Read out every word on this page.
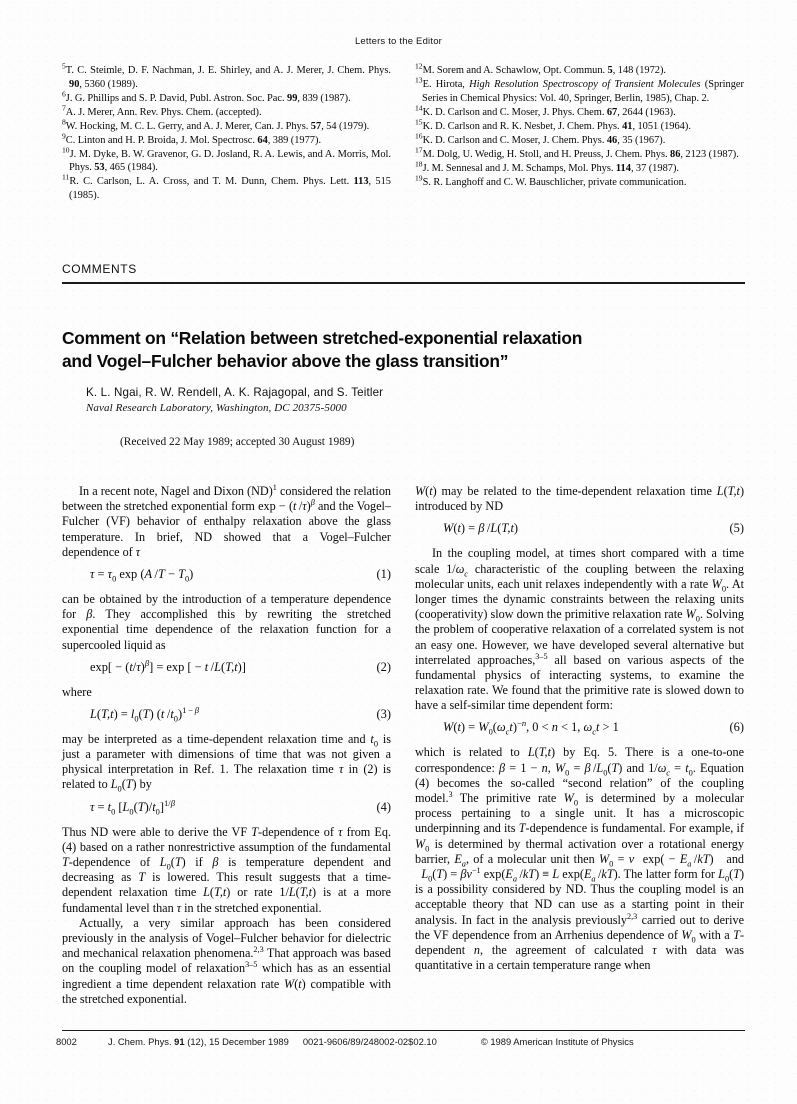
Letters to the Editor
$^5$T. C. Steimle, D. F. Nachman, J. E. Shirley, and A. J. Merer, J. Chem. Phys. 90, 5360 (1989).
$^6$J. G. Phillips and S. P. David, Publ. Astron. Soc. Pac. 99, 839 (1987).
$^7$A. J. Merer, Ann. Rev. Phys. Chem. (accepted).
$^8$W. Hocking, M. C. L. Gerry, and A. J. Merer, Can. J. Phys. 57, 54 (1979).
$^9$C. Linton and H. P. Broida, J. Mol. Spectrosc. 64, 389 (1977).
$^{10}$J. M. Dyke, B. W. Gravenor, G. D. Josland, R. A. Lewis, and A. Morris, Mol. Phys. 53, 465 (1984).
$^{11}$R. C. Carlson, L. A. Cross, and T. M. Dunn, Chem. Phys. Lett. 113, 515 (1985).
$^{12}$M. Sorem and A. Schawlow, Opt. Commun. 5, 148 (1972).
$^{13}$E. Hirota, High Resolution Spectroscopy of Transient Molecules (Springer Series in Chemical Physics: Vol. 40, Springer, Berlin, 1985), Chap. 2.
$^{14}$K. D. Carlson and C. Moser, J. Phys. Chem. 67, 2644 (1963).
$^{15}$K. D. Carlson and R. K. Nesbet, J. Chem. Phys. 41, 1051 (1964).
$^{16}$K. D. Carlson and C. Moser, J. Chem. Phys. 46, 35 (1967).
$^{17}$M. Dolg, U. Wedig, H. Stoll, and H. Preuss, J. Chem. Phys. 86, 2123 (1987).
$^{18}$J. M. Sennesal and J. M. Schamps, Mol. Phys. 114, 37 (1987).
$^{19}$S. R. Langhoff and C. W. Bauschlicher, private communication.
COMMENTS
Comment on “Relation between stretched-exponential relaxation
and Vogel–Fulcher behavior above the glass transition”
K. L. Ngai, R. W. Rendell, A. K. Rajagopal, and S. Teitler
Naval Research Laboratory, Washington, DC 20375-5000
(Received 22 May 1989; accepted 30 August 1989)

In a recent note, Nagel and Dixon (ND)$^1$ considered the relation between the stretched exponential form exp − (t /τ)$^\beta$ and the Vogel–Fulcher (VF) behavior of enthalpy relaxation above the glass temperature. In brief, ND showed that a Vogel–Fulcher dependence of τ

$\tau = \tau_0$ exp (A $/T - T_0$)	(1)

can be obtained by the introduction of a temperature dependence for β. They accomplished this by rewriting the stretched exponential time dependence of the relaxation function for a supercooled liquid as

$\exp[ - (t/\tau)^\beta] = \exp$ [ − t /L(T,t)]	(2)

where

$L(T,t) = l_0(T)$ (t $/t_0)^{1 - \beta}$	(3)

may be interpreted as a time-dependent relaxation time and $t_0$ is just a parameter with dimensions of time that was not given a physical interpretation in Ref. 1. The relaxation time τ in (2) is related to $L_0(T)$ by

$\tau = t_0$ $[L_0(T)/t_0]^{1/\beta}$	(4)

Thus ND were able to derive the VF T-dependence of τ from Eq. (4) based on a rather nonrestrictive assumption of the fundamental T-dependence of $L_0(T)$ if β is temperature dependent and decreasing as T is lowered. This result suggests that a time-dependent relaxation time L(T,t) or rate 1/L(T,t) is at a more fundamental level than τ in the stretched exponential.

Actually, a very similar approach has been considered previously in the analysis of Vogel–Fulcher behavior for dielectric and mechanical relaxation phenomena.$^{2,3}$ That approach was based on the coupling model of relaxation$^{3-5}$ which has as an essential ingredient a time dependent relaxation rate W(t) compatible with the stretched exponential.

W(t) may be related to the time-dependent relaxation time L(T,t) introduced by ND

W(t) = β /L(T,t)	(5)

In the coupling model, at times short compared with a time scale $1/\omega_c$ characteristic of the coupling between the relaxing molecular units, each unit relaxes independently with a rate $W_0$. At longer times the dynamic constraints between the relaxing units (cooperativity) slow down the primitive relaxation rate $W_0$. Solving the problem of cooperative relaxation of a correlated system is not an easy one. However, we have developed several alternative but interrelated approaches,$^{3-5}$ all based on various aspects of the fundamental physics of interacting systems, to examine the relaxation rate. We found that the primitive rate is slowed down to have a self-similar time dependent form:

$W(t) = W_0(\omega_ct)^{-n}$, 0 < n < 1, $\omega_ct > 1$	(6)

which is related to L(T,t) by Eq. 5. There is a one-to-one correspondence: β = 1 − n, $W_0 = \beta$ $/L_0(T)$ and $1/\omega_c = t_0$. Equation (4) becomes the so-called “second relation” of the coupling model.$^3$ The primitive rate $W_0$ is determined by a molecular process pertaining to a single unit. It has a microscopic underpinning and its T-dependence is fundamental. For example, if $W_0$ is determined by thermal activation over a rotational energy barrier, $E_a$, of a molecular unit then $W_0 = \nu$  $\exp( - E_a$ /kT)   and   $L_0(T) = \beta\nu^{-1}$ $\exp(E_a$ /kT) ≡ L $\exp(E_a$ /kT). The latter form for $L_0(T)$ is a possibility considered by ND. Thus the coupling model is an acceptable theory that ND can use as a starting point in their analysis. In fact in the analysis previously$^{2,3}$ carried out to derive the VF dependence from an Arrhenius dependence of $W_0$ with a T-dependent n, the agreement of calculated τ with data was quantitative in a certain temperature range when

8002	J. Chem. Phys. 91 (12), 15 December 1989 0021-9606/89/248002-02$02.10	© 1989 American Institute of Physics
